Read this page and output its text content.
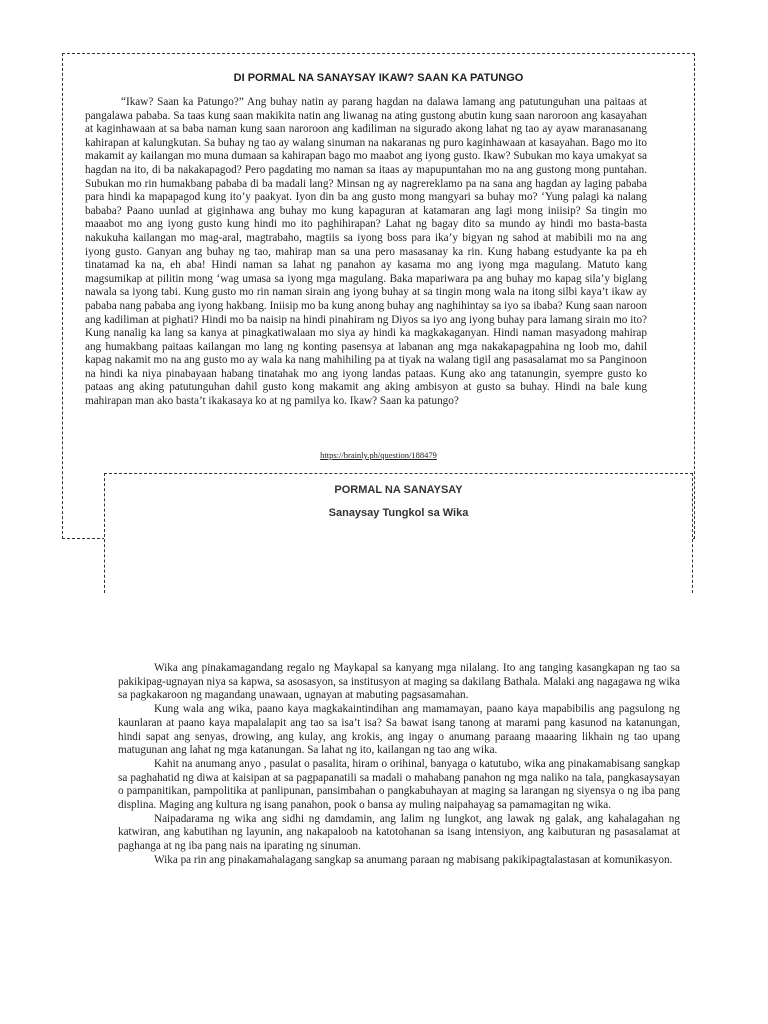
DI PORMAL NA SANAYSAY IKAW? SAAN KA PATUNGO

“Ikaw? Saan ka Patungo?” Ang buhay natin ay parang hagdan na dalawa lamang ang patutunguhan una paitaas at pangalawa pababa. Sa taas kung saan makikita natin ang liwanag na ating gustong abutin kung saan naroroon ang kasayahan at kaginhawaan at sa baba naman kung saan naroroon ang kadiliman na sigurado akong lahat ng tao ay ayaw maranasanang kahirapan at kalungkutan. Sa buhay ng tao ay walang sinuman na nakaranas ng puro kaginhawaan at kasayahan. Bago mo ito makamit ay kailangan mo muna dumaan sa kahirapan bago mo maabot ang iyong gusto. Ikaw? Subukan mo kaya umakyat sa hagdan na ito, di ba nakakapagod? Pero pagdating mo naman sa itaas ay mapupuntahan mo na ang gustong mong puntahan. Subukan mo rin humakbang pababa di ba madali lang? Minsan ng ay nagrereklamo pa na sana ang hagdan ay laging pababa para hindi ka mapapagod kung ito’y paakyat. Iyon din ba ang gusto mong mangyari sa buhay mo? ‘Yung palagi ka nalang bababa? Paano uunlad at giginhawa ang buhay mo kung kapaguran at katamaran ang lagi mong iniisip? Sa tingin mo maaabot mo ang iyong gusto kung hindi mo ito paghihirapan? Lahat ng bagay dito sa mundo ay hindi mo basta-basta nakukuha kailangan mo mag-aral, magtrabaho, magtiis sa iyong boss para ika’y bigyan ng sahod at mabibili mo na ang iyong gusto. Ganyan ang buhay ng tao, mahirap man sa una pero masasanay ka rin. Kung habang estudyante ka pa eh tinatamad ka na, eh aba! Hindi naman sa lahat ng panahon ay kasama mo ang iyong mga magulang. Matuto kang magsumikap at pilitin mong ‘wag umasa sa iyong mga magulang. Baka mapariwara pa ang buhay mo kapag sila’y biglang nawala sa iyong tabi. Kung gusto mo rin naman sirain ang iyong buhay at sa tingin mong wala na itong silbi kaya’t ikaw ay pababa nang pababa ang iyong hakbang. Iniisip mo ba kung anong buhay ang naghihintay sa iyo sa ibaba? Kung saan naroon ang kadiliman at pighati? Hindi mo ba naisip na hindi pinahiram ng Diyos sa iyo ang iyong buhay para lamang sirain mo ito? Kung nanalig ka lang sa kanya at pinagkatiwalaan mo siya ay hindi ka magkakaganyan. Hindi naman masyadong mahirap ang humakbang paitaas kailangan mo lang ng konting pasensya at labanan ang mga nakakapagpahina ng loob mo, dahil kapag nakamit mo na ang gusto mo ay wala ka nang mahihiling pa at tiyak na walang tigil ang pasasalamat mo sa Panginoon na hindi ka niya pinabayaan habang tinatahak mo ang iyong landas pataas. Kung ako ang tatanungin, syempre gusto ko pataas ang aking patutunguhan dahil gusto kong makamit ang aking ambisyon at gusto sa buhay. Hindi na bale kung mahirapan man ako basta’t ikakasaya ko at ng pamilya ko. Ikaw? Saan ka patungo?

https://brainly.ph/question/188479
PORMAL NA SANAYSAY
Sanaysay Tungkol sa Wika

Wika ang pinakamagandang regalo ng Maykapal sa kanyang mga nilalang. Ito ang tanging kasangkapan ng tao sa pakikipag-ugnayan niya sa kapwa, sa asosasyon, sa institusyon at maging sa dakilang Bathala. Malaki ang nagagawa ng wika sa pagkakaroon ng magandang unawaan, ugnayan at mabuting pagsasamahan.

Kung wala ang wika, paano kaya magkakaintindihan ang mamamayan, paano kaya mapabibilis ang pagsulong ng kaunlaran at paano kaya mapalalapit ang tao sa isa’t isa? Sa bawat isang tanong at marami pang kasunod na katanungan, hindi sapat ang senyas, drowing, ang kulay, ang krokis, ang ingay o anumang paraang maaaring likhain ng tao upang matugunan ang lahat ng mga katanungan. Sa lahat ng ito, kailangan ng tao ang wika.

Kahit na anumang anyo , pasulat o pasalita, hiram o orihinal, banyaga o katutubo, wika ang pinakamabisang sangkap sa paghahatid ng diwa at kaisipan at sa pagpapanatili sa madali o mahabang panahon ng mga naliko na tala, pangkasaysayan o pampanitikan, pampolitika at panlipunan, pansimbahan o pangkabuhayan at maging sa larangan ng siyensya o ng iba pang displina. Maging ang kultura ng isang panahon, pook o bansa ay muling naipahayag sa pamamagitan ng wika.

Naipadarama ng wika ang sidhi ng damdamin, ang lalim ng lungkot, ang lawak ng galak, ang kahalagahan ng katwiran, ang kabutihan ng layunin, ang nakapaloob na katotohanan sa isang intensiyon, ang kaibuturan ng pasasalamat at paghanga at ng iba pang nais na iparating ng sinuman.

Wika pa rin ang pinakamahalagang sangkap sa anumang paraan ng mabisang pakikipagtalastasan at komunikasyon.
